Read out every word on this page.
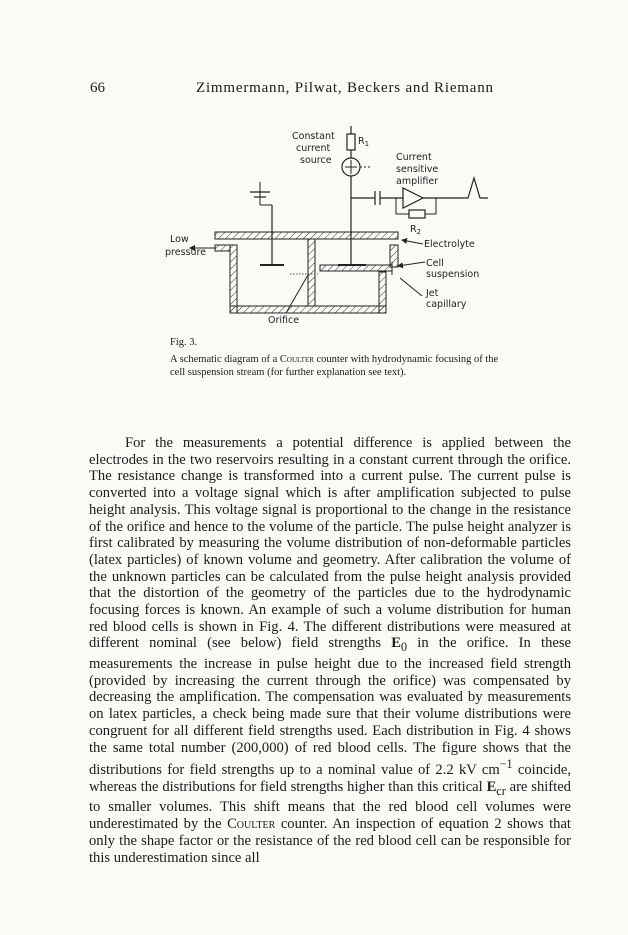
66	Zimmermann, Pilwat, Beckers and Riemann
Constant
current
source
$R_1$
Current
sensitive
amplifier
$R_2$
Low
pressure
Electrolyte
Cell
suspension
Jet
capillary
Orifice
Fig. 3.
A schematic diagram of a Coulter counter with hydrodynamic focusing of the cell suspension stream (for further explanation see text).

For the measurements a potential difference is applied between the electrodes in the two reservoirs resulting in a constant current through the orifice. The resistance change is transformed into a current pulse. The current pulse is converted into a voltage signal which is after amplification subjected to pulse height analysis. This voltage signal is proportional to the change in the resistance of the orifice and hence to the volume of the particle. The pulse height analyzer is first calibrated by measuring the volume distribution of non-deformable particles (latex particles) of known volume and geometry. After calibration the volume of the unknown particles can be calculated from the pulse height analysis provided that the distortion of the geometry of the particles due to the hydrodynamic focusing forces is known. An example of such a volume distribution for human red blood cells is shown in Fig. 4. The different distributions were measured at different nominal (see below) field strengths $E_0$ in the orifice. In these measurements the increase in pulse height due to the increased field strength (provided by increasing the current through the orifice) was compensated by decreasing the amplification. The compensation was evaluated by measurements on latex particles, a check being made sure that their volume distributions were congruent for all different field strengths used. Each distribution in Fig. 4 shows the same total number (200,000) of red blood cells. The figure shows that the distributions for field strengths up to a nominal value of 2.2 kV $cm^{-1}$ coincide, whereas the distributions for field strengths higher than this critical $E_{cr}$ are shifted to smaller volumes. This shift means that the red blood cell volumes were underestimated by the Coulter counter. An inspection of equation 2 shows that only the shape factor or the resistance of the red blood cell can be responsible for this underestimation since all
